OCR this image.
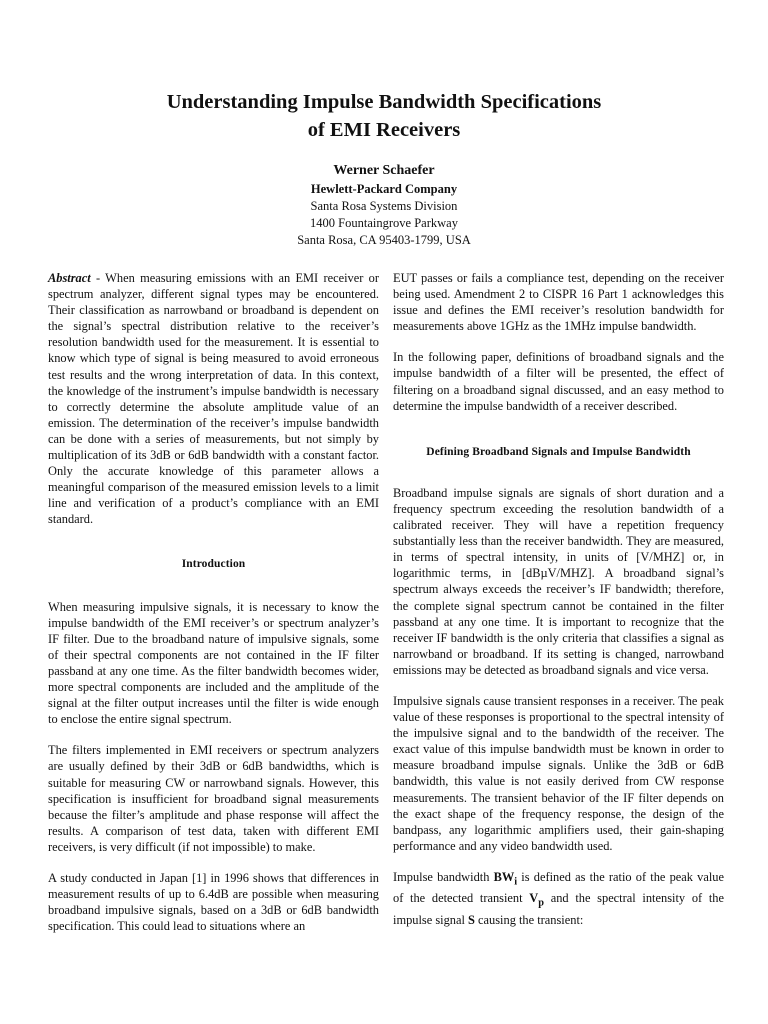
Understanding Impulse Bandwidth Specifications
of EMI Receivers
Werner Schaefer
Hewlett-Packard Company
Santa Rosa Systems Division
1400 Fountaingrove Parkway
Santa Rosa, CA 95403-1799, USA

Abstract - When measuring emissions with an EMI receiver or spectrum analyzer, different signal types may be encountered. Their classification as narrowband or broadband is dependent on the signal’s spectral distribution relative to the receiver’s resolution bandwidth used for the measurement. It is essential to know which type of signal is being measured to avoid erroneous test results and the wrong interpretation of data. In this context, the knowledge of the instrument’s impulse bandwidth is necessary to correctly determine the absolute amplitude value of an emission. The determination of the receiver’s impulse bandwidth can be done with a series of measurements, but not simply by multiplication of its 3dB or 6dB bandwidth with a constant factor. Only the accurate knowledge of this parameter allows a meaningful comparison of the measured emission levels to a limit line and verification of a product’s compliance with an EMI standard.

Introduction

When measuring impulsive signals, it is necessary to know the impulse bandwidth of the EMI receiver’s or spectrum analyzer’s IF filter. Due to the broadband nature of impulsive signals, some of their spectral components are not contained in the IF filter passband at any one time. As the filter bandwidth becomes wider, more spectral components are included and the amplitude of the signal at the filter output increases until the filter is wide enough to enclose the entire signal spectrum.

The filters implemented in EMI receivers or spectrum analyzers are usually defined by their 3dB or 6dB bandwidths, which is suitable for measuring CW or narrowband signals. However, this specification is insufficient for broadband signal measurements because the filter’s amplitude and phase response will affect the results. A comparison of test data, taken with different EMI receivers, is very difficult (if not impossible) to make.

A study conducted in Japan [1] in 1996 shows that differences in measurement results of up to 6.4dB are possible when measuring broadband impulsive signals, based on a 3dB or 6dB bandwidth specification. This could lead to situations where an

EUT passes or fails a compliance test, depending on the receiver being used. Amendment 2 to CISPR 16 Part 1 acknowledges this issue and defines the EMI receiver’s resolution bandwidth for measurements above 1GHz as the 1MHz impulse bandwidth.

In the following paper, definitions of broadband signals and the impulse bandwidth of a filter will be presented, the effect of filtering on a broadband signal discussed, and an easy method to determine the impulse bandwidth of a receiver described.

Defining Broadband Signals and Impulse Bandwidth

Broadband impulse signals are signals of short duration and a frequency spectrum exceeding the resolution bandwidth of a calibrated receiver. They will have a repetition frequency substantially less than the receiver bandwidth. They are measured, in terms of spectral intensity, in units of [V/MHZ] or, in logarithmic terms, in [dBµV/MHZ]. A broadband signal’s spectrum always exceeds the receiver’s IF bandwidth; therefore, the complete signal spectrum cannot be contained in the filter passband at any one time. It is important to recognize that the receiver IF bandwidth is the only criteria that classifies a signal as narrowband or broadband. If its setting is changed, narrowband emissions may be detected as broadband signals and vice versa.

Impulsive signals cause transient responses in a receiver. The peak value of these responses is proportional to the spectral intensity of the impulsive signal and to the bandwidth of the receiver. The exact value of this impulse bandwidth must be known in order to measure broadband impulse signals. Unlike the 3dB or 6dB bandwidth, this value is not easily derived from CW response measurements. The transient behavior of the IF filter depends on the exact shape of the frequency response, the design of the bandpass, any logarithmic amplifiers used, their gain-shaping performance and any video bandwidth used.

Impulse bandwidth $BW_i$ is defined as the ratio of the peak value of the detected transient $V_p$ and the spectral intensity of the impulse signal S causing the transient:
